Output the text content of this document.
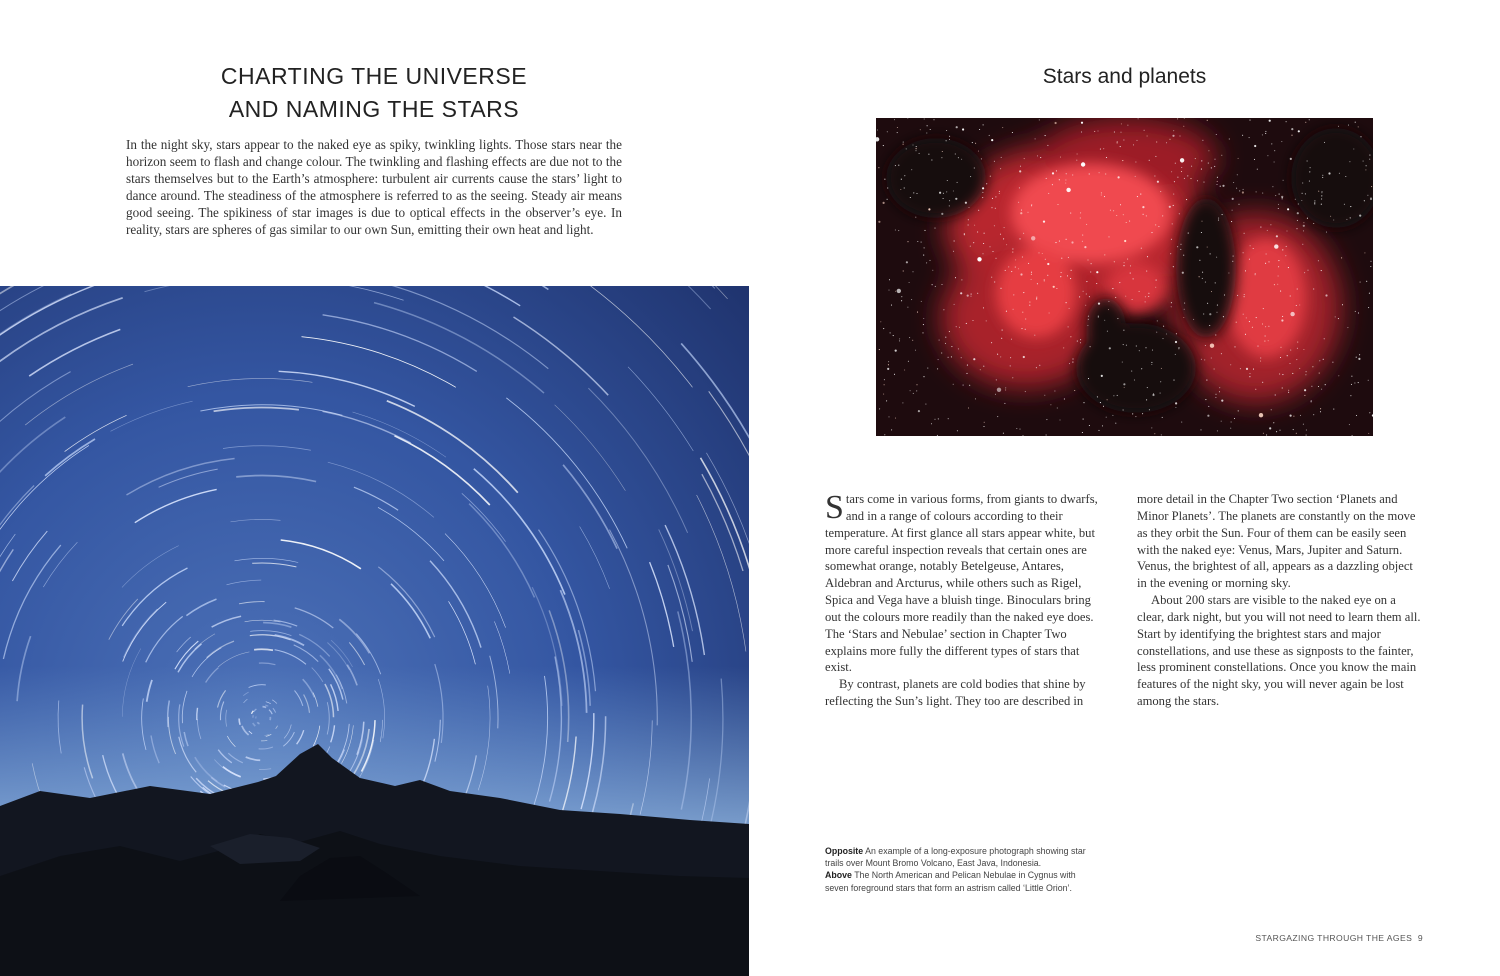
CHARTING THE UNIVERSE
AND NAMING THE STARS

In the night sky, stars appear to the naked eye as spiky, twinkling lights. Those stars near the horizon seem to flash and change colour. The twinkling and flashing effects are due not to the stars themselves but to the Earth’s atmosphere: turbulent air currents cause the stars’ light to dance around. The steadiness of the atmosphere is referred to as the seeing. Steady air means good seeing. The spikiness of star images is due to optical effects in the observer’s eye. In reality, stars are spheres of gas similar to our own Sun, emitting their own heat and light.

Stars and planets

Stars come in various forms, from giants to dwarfs, and in a range of colours according to their temperature. At first glance all stars appear white, but more careful inspection reveals that certain ones are somewhat orange, notably Betelgeuse, Antares, Aldebran and Arcturus, while others such as Rigel, Spica and Vega have a bluish tinge. Binoculars bring out the colours more readily than the naked eye does. The ‘Stars and Nebulae’ section in Chapter Two explains more fully the different types of stars that exist.

By contrast, planets are cold bodies that shine by reflecting the Sun’s light. They too are described in

more detail in the Chapter Two section ‘Planets and Minor Planets’. The planets are constantly on the move as they orbit the Sun. Four of them can be easily seen with the naked eye: Venus, Mars, Jupiter and Saturn. Venus, the brightest of all, appears as a dazzling object in the evening or morning sky.

About 200 stars are visible to the naked eye on a clear, dark night, but you will not need to learn them all. Start by identifying the brightest stars and major constellations, and use these as signposts to the fainter, less prominent constellations. Once you know the main features of the night sky, you will never again be lost among the stars.

Opposite An example of a long-exposure photograph showing star trails over Mount Bromo Volcano, East Java, Indonesia.
Above The North American and Pelican Nebulae in Cygnus with seven foreground stars that form an astrism called ‘Little Orion’.
STARGAZING THROUGH THE AGES 9
